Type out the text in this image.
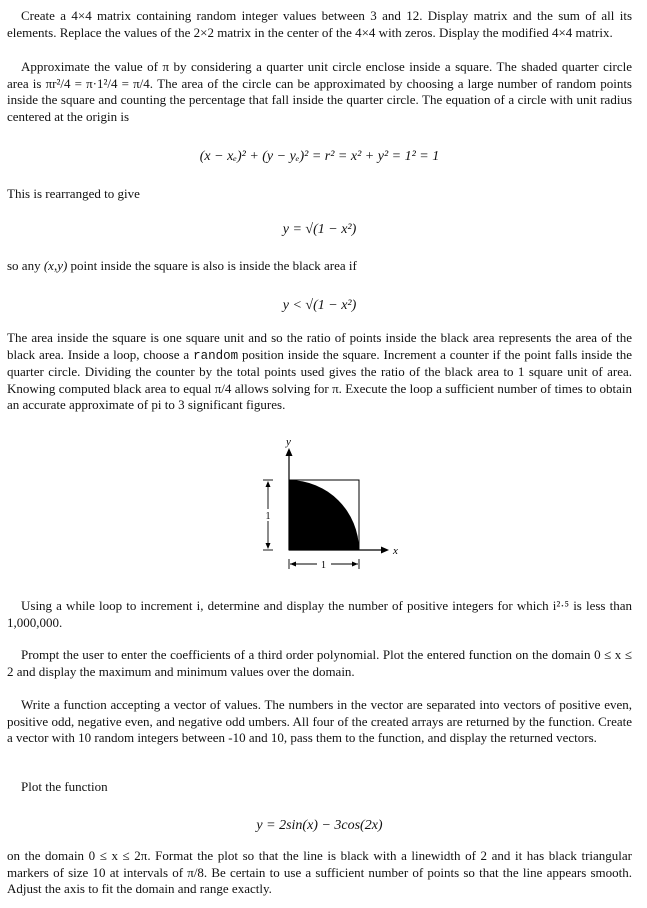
Create a 4×4 matrix containing random integer values between 3 and 12. Display matrix and the sum of all its elements. Replace the values of the 2×2 matrix in the center of the 4×4 with zeros. Display the modified 4×4 matrix.

Approximate the value of π by considering a quarter unit circle enclose inside a square. The shaded quarter circle area is πr²/4 = π·1²/4 = π/4. The area of the circle can be approximated by choosing a large number of random points inside the square and counting the percentage that fall inside the quarter circle. The equation of a circle with unit radius centered at the origin is

(x − xₑ)² + (y − yₑ)² = r² = x² + y² = 1² = 1

This is rearranged to give

y = √(1 − x²)

so any (x,y) point inside the square is also is inside the black area if

y < √(1 − x²)

The area inside the square is one square unit and so the ratio of points inside the black area represents the area of the black area. Inside a loop, choose a random position inside the square. Increment a counter if the point falls inside the quarter circle. Dividing the counter by the total points used gives the ratio of the black area to 1 square unit of area. Knowing computed black area to equal π/4 allows solving for π. Execute the loop a sufficient number of times to obtain an accurate approximate of pi to 3 significant figures.

y
x
1
1

Using a while loop to increment i, determine and display the number of positive integers for which i²·⁵ is less than 1,000,000.

Prompt the user to enter the coefficients of a third order polynomial. Plot the entered function on the domain 0 ≤ x ≤ 2 and display the maximum and minimum values over the domain.

Write a function accepting a vector of values. The numbers in the vector are separated into vectors of positive even, positive odd, negative even, and negative odd umbers. All four of the created arrays are returned by the function. Create a vector with 10 random integers between -10 and 10, pass them to the function, and display the returned vectors.

Plot the function

y = 2sin(x) − 3cos(2x)

on the domain 0 ≤ x ≤ 2π. Format the plot so that the line is black with a linewidth of 2 and it has black triangular markers of size 10 at intervals of π/8. Be certain to use a sufficient number of points so that the line appears smooth. Adjust the axis to fit the domain and range exactly.
